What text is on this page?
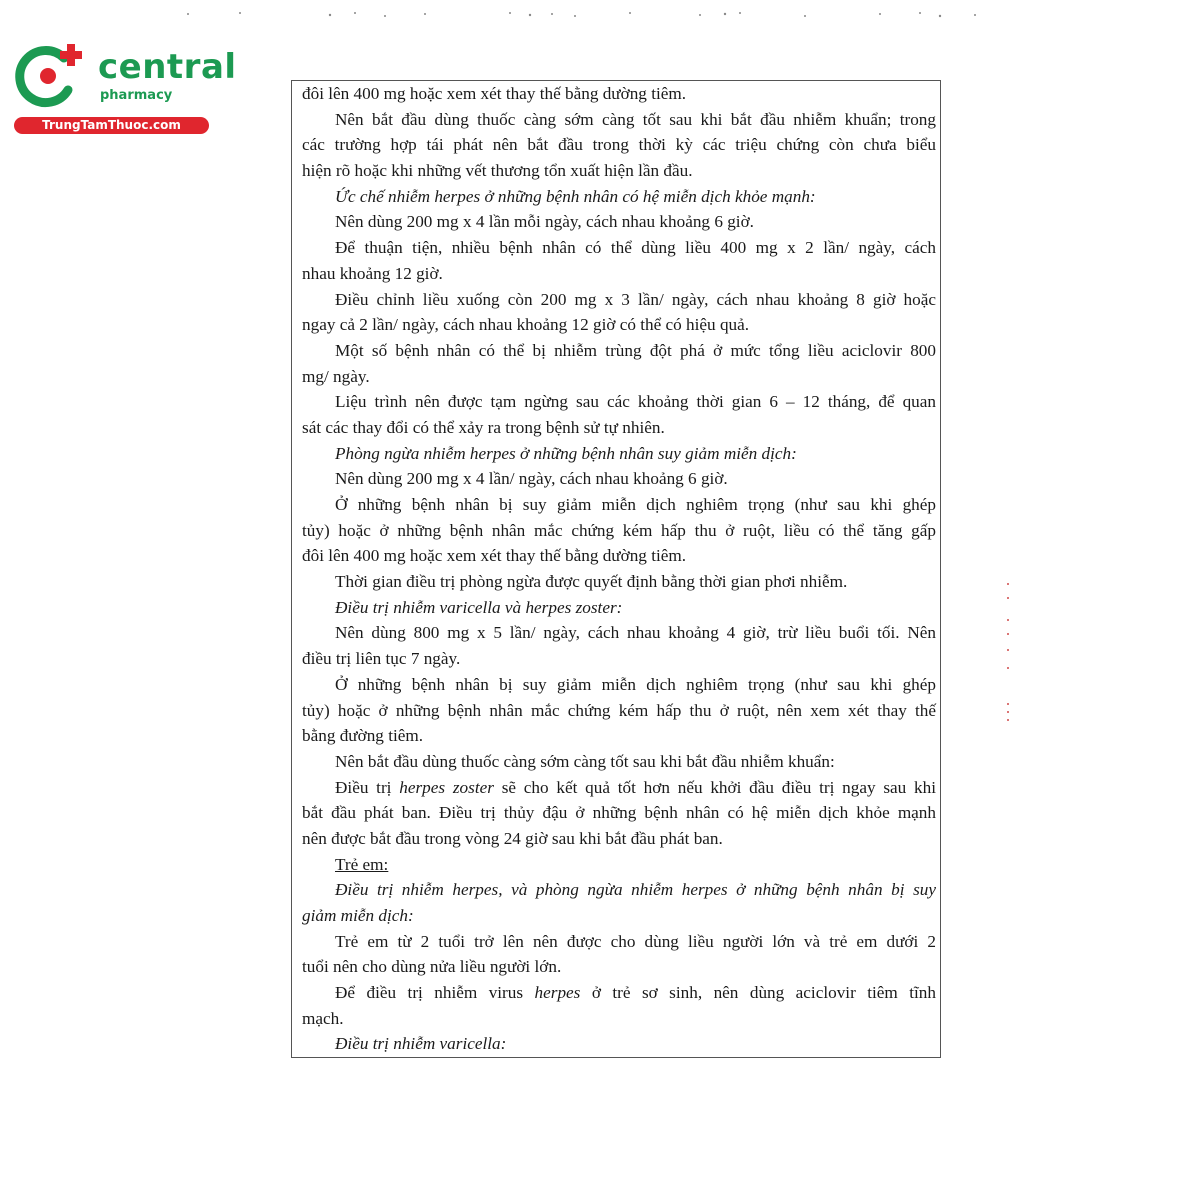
central
pharmacy
TrungTamThuoc.com
đôi lên 400 mg hoặc xem xét thay thế bằng dường tiêm.
Nên bắt đầu dùng thuốc càng sớm càng tốt sau khi bắt đầu nhiễm khuẩn; trong
các trường hợp tái phát nên bắt đầu trong thời kỳ các triệu chứng còn chưa biểu
hiện rõ hoặc khi những vết thương tổn xuất hiện lần đầu.
Ức chế nhiễm herpes ở những bệnh nhân có hệ miễn dịch khỏe mạnh:
Nên dùng 200 mg x 4 lần mỗi ngày, cách nhau khoảng 6 giờ.
Để thuận tiện, nhiều bệnh nhân có thể dùng liều 400 mg x 2 lần/ ngày, cách
nhau khoảng 12 giờ.
Điều chỉnh liều xuống còn 200 mg x 3 lần/ ngày, cách nhau khoảng 8 giờ hoặc
ngay cả 2 lần/ ngày, cách nhau khoảng 12 giờ có thể có hiệu quả.
Một số bệnh nhân có thể bị nhiễm trùng đột phá ở mức tổng liều aciclovir 800
mg/ ngày.
Liệu trình nên được tạm ngừng sau các khoảng thời gian 6 – 12 tháng, để quan
sát các thay đổi có thể xảy ra trong bệnh sử tự nhiên.
Phòng ngừa nhiễm herpes ở những bệnh nhân suy giảm miễn dịch:
Nên dùng 200 mg x 4 lần/ ngày, cách nhau khoảng 6 giờ.
Ở những bệnh nhân bị suy giảm miễn dịch nghiêm trọng (như sau khi ghép
tủy) hoặc ở những bệnh nhân mắc chứng kém hấp thu ở ruột, liều có thể tăng gấp
đôi lên 400 mg hoặc xem xét thay thế bằng dường tiêm.
Thời gian điều trị phòng ngừa được quyết định bằng thời gian phơi nhiễm.
Điều trị nhiễm varicella và herpes zoster:
Nên dùng 800 mg x 5 lần/ ngày, cách nhau khoảng 4 giờ, trừ liều buổi tối. Nên
điều trị liên tục 7 ngày.
Ở những bệnh nhân bị suy giảm miễn dịch nghiêm trọng (như sau khi ghép
tủy) hoặc ở những bệnh nhân mắc chứng kém hấp thu ở ruột, nên xem xét thay thế
bằng đường tiêm.
Nên bắt đầu dùng thuốc càng sớm càng tốt sau khi bắt đầu nhiễm khuẩn:
Điều trị herpes zoster sẽ cho kết quả tốt hơn nếu khởi đầu điều trị ngay sau khi
bắt đầu phát ban. Điều trị thủy đậu ở những bệnh nhân có hệ miễn dịch khỏe mạnh
nên được bắt đầu trong vòng 24 giờ sau khi bắt đầu phát ban.
Trẻ em:
Điều trị nhiễm herpes, và phòng ngừa nhiễm herpes ở những bệnh nhân bị suy
giảm miễn dịch:
Trẻ em từ 2 tuổi trở lên nên được cho dùng liều người lớn và trẻ em dưới 2
tuổi nên cho dùng nửa liều người lớn.
Để điều trị nhiễm virus herpes ở trẻ sơ sinh, nên dùng aciclovir tiêm tĩnh
mạch.
Điều trị nhiễm varicella:
